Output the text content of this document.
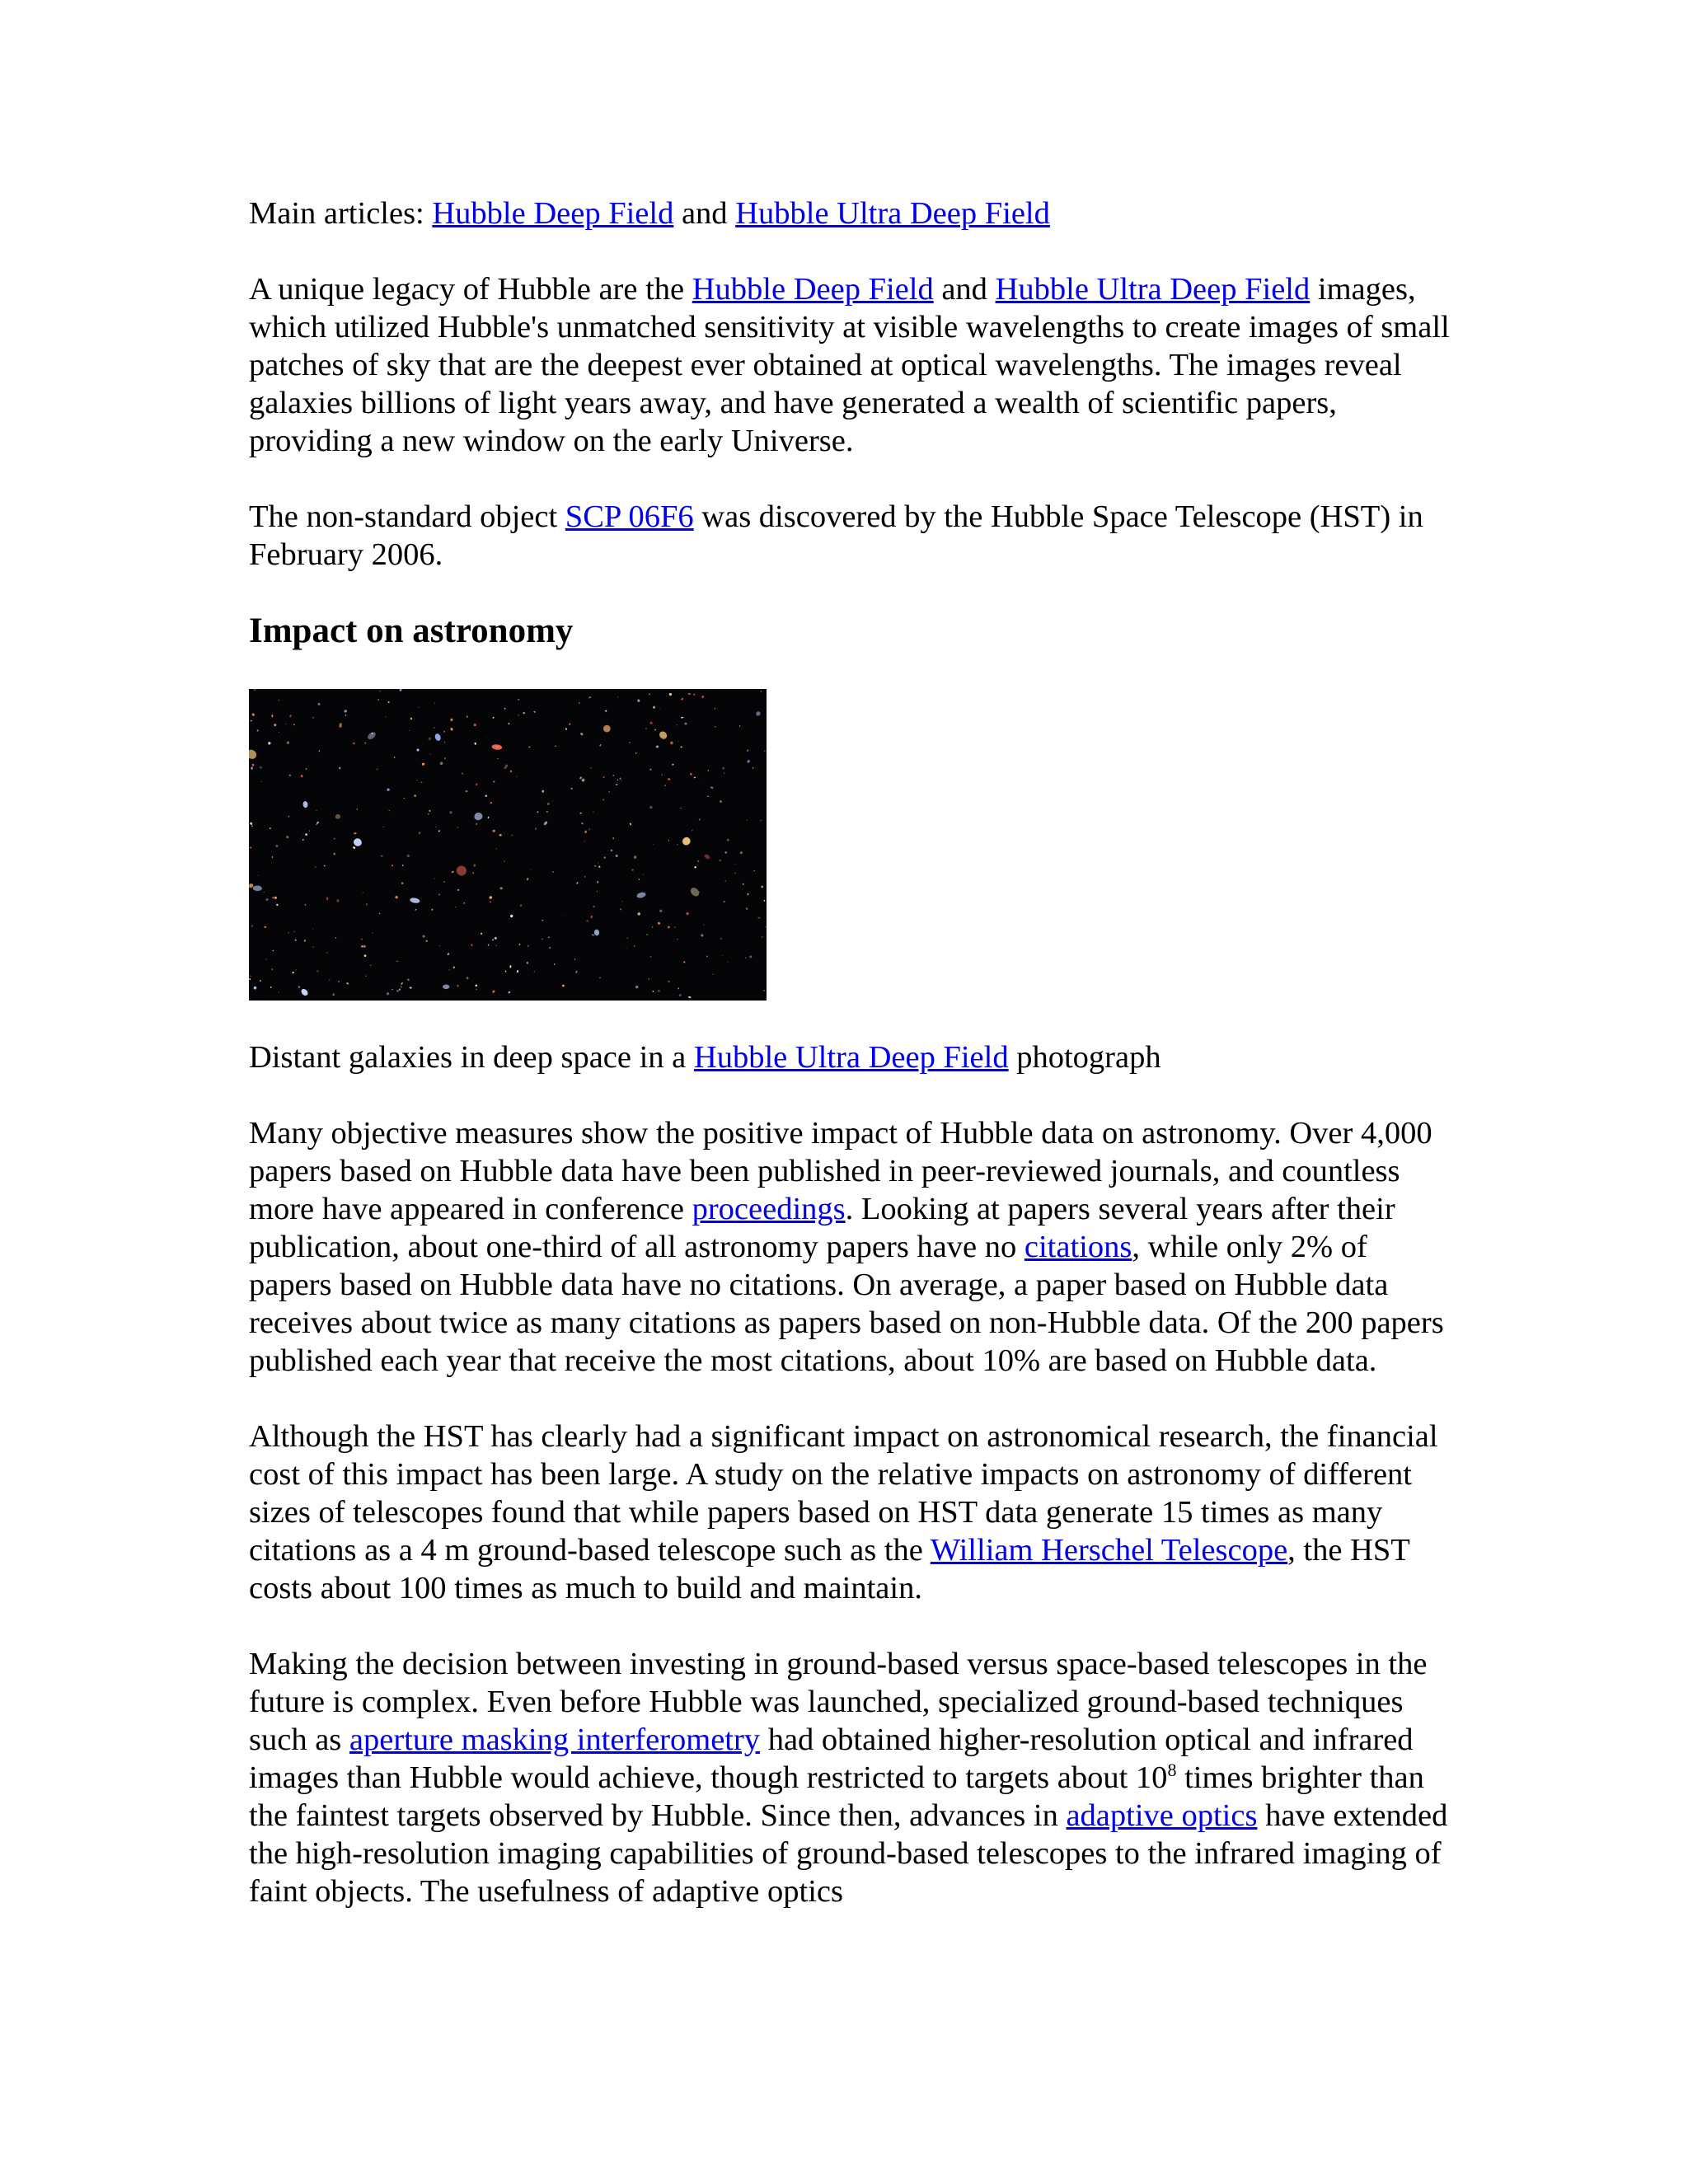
Main articles: Hubble Deep Field and Hubble Ultra Deep Field

A unique legacy of Hubble are the Hubble Deep Field and Hubble Ultra Deep Field images, which utilized Hubble's unmatched sensitivity at visible wavelengths to create images of small patches of sky that are the deepest ever obtained at optical wavelengths. The images reveal galaxies billions of light years away, and have generated a wealth of scientific papers, providing a new window on the early Universe.

The non-standard object SCP 06F6 was discovered by the Hubble Space Telescope (HST) in February 2006.

Impact on astronomy

Distant galaxies in deep space in a Hubble Ultra Deep Field photograph

Many objective measures show the positive impact of Hubble data on astronomy. Over 4,000 papers based on Hubble data have been published in peer-reviewed journals, and countless more have appeared in conference proceedings. Looking at papers several years after their publication, about one-third of all astronomy papers have no citations, while only 2% of papers based on Hubble data have no citations. On average, a paper based on Hubble data receives about twice as many citations as papers based on non-Hubble data. Of the 200 papers published each year that receive the most citations, about 10% are based on Hubble data.

Although the HST has clearly had a significant impact on astronomical research, the financial cost of this impact has been large. A study on the relative impacts on astronomy of different sizes of telescopes found that while papers based on HST data generate 15 times as many citations as a 4 m ground-based telescope such as the William Herschel Telescope, the HST costs about 100 times as much to build and maintain.

Making the decision between investing in ground-based versus space-based telescopes in the future is complex. Even before Hubble was launched, specialized ground-based techniques such as aperture masking interferometry had obtained higher-resolution optical and infrared images than Hubble would achieve, though restricted to targets about $10^8$ times brighter than the faintest targets observed by Hubble. Since then, advances in adaptive optics have extended the high-resolution imaging capabilities of ground-based telescopes to the infrared imaging of faint objects. The usefulness of adaptive optics
